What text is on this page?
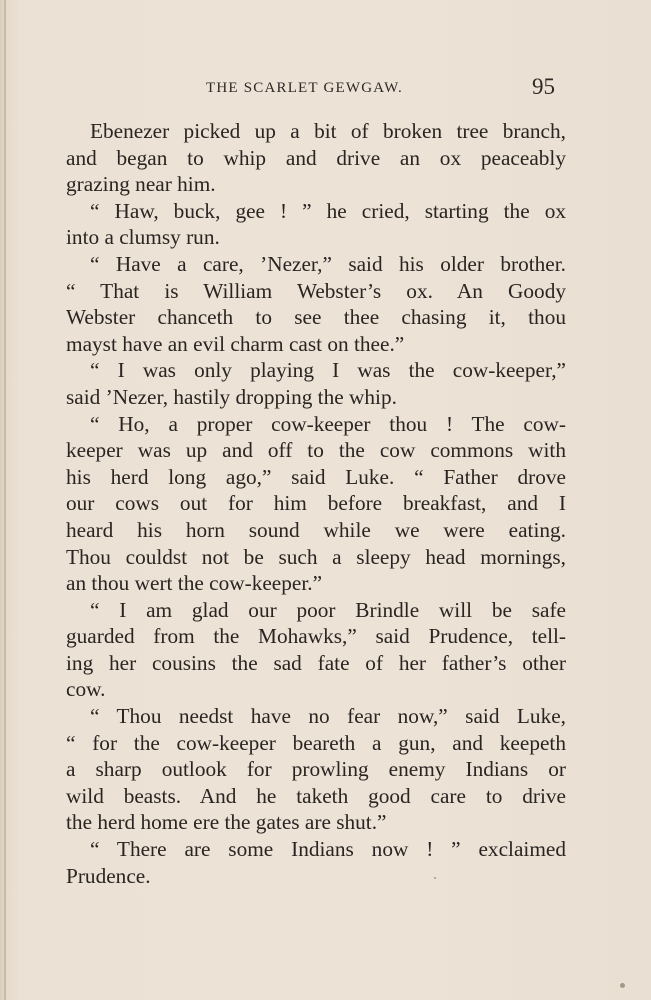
THE SCARLET GEWGAW.	95
Ebenezer picked up a bit of broken tree branch,
and began to whip and drive an ox peaceably
grazing near him.
“ Haw, buck, gee ! ” he cried, starting the ox
into a clumsy run.
“ Have a care, ’Nezer,” said his older brother.
“ That is William Webster’s ox. An Goody
Webster chanceth to see thee chasing it, thou
mayst have an evil charm cast on thee.”
“ I was only playing I was the cow-keeper,”
said ’Nezer, hastily dropping the whip.
“ Ho, a proper cow-keeper thou ! The cow-
keeper was up and off to the cow commons with
his herd long ago,” said Luke. “ Father drove
our cows out for him before breakfast, and I
heard his horn sound while we were eating.
Thou couldst not be such a sleepy head mornings,
an thou wert the cow-keeper.”
“ I am glad our poor Brindle will be safe
guarded from the Mohawks,” said Prudence, tell-
ing her cousins the sad fate of her father’s other
cow.
“ Thou needst have no fear now,” said Luke,
“ for the cow-keeper beareth a gun, and keepeth
a sharp outlook for prowling enemy Indians or
wild beasts. And he taketh good care to drive
the herd home ere the gates are shut.”
“ There are some Indians now ! ” exclaimed
Prudence.
